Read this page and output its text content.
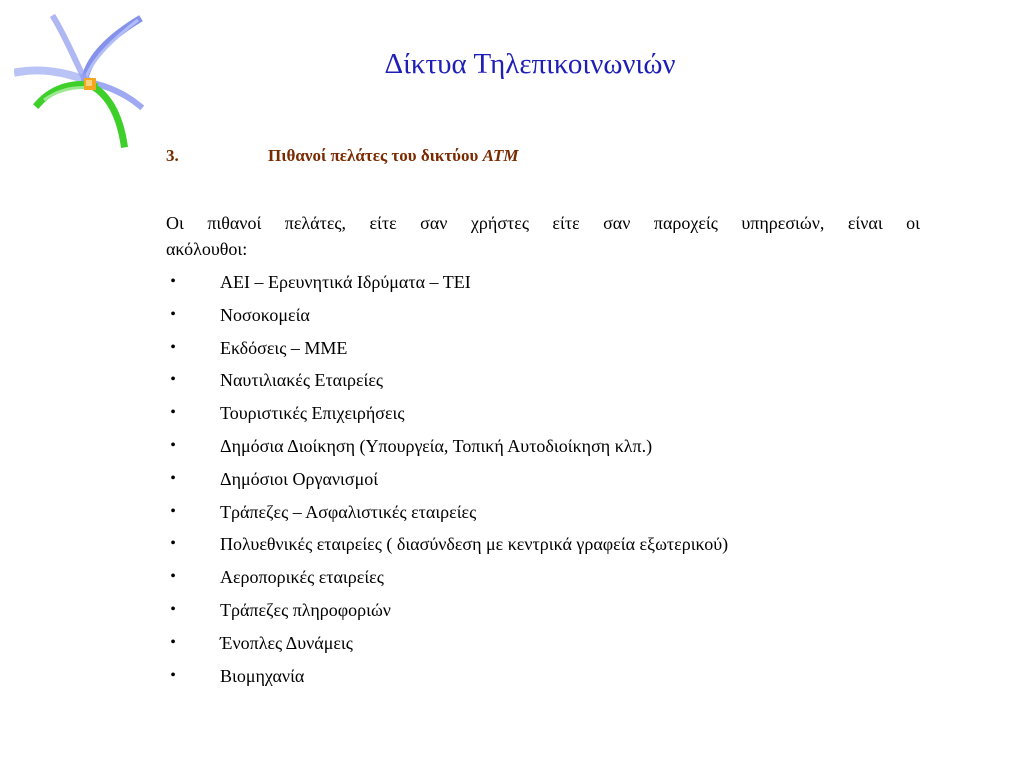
Δίκτυα Τηλεπικοινωνιών
3.	Πιθανοί πελάτες του δικτύου ATM
Οι πιθανοί πελάτες, είτε σαν χρήστες είτε σαν παροχείς υπηρεσιών, είναι οι
ακόλουθοι:
• ΑΕΙ – Ερευνητικά Ιδρύματα – ΤΕΙ
• Νοσοκομεία
• Εκδόσεις – ΜΜΕ
• Ναυτιλιακές Εταιρείες
• Τουριστικές Επιχειρήσεις
• Δημόσια Διοίκηση (Υπουργεία, Τοπική Αυτοδιοίκηση κλπ.)
• Δημόσιοι Οργανισμοί
• Τράπεζες – Ασφαλιστικές εταιρείες
• Πολυεθνικές εταιρείες ( διασύνδεση με κεντρικά γραφεία εξωτερικού)
• Αεροπορικές εταιρείες
• Τράπεζες πληροφοριών
• Ένοπλες Δυνάμεις
• Βιομηχανία
